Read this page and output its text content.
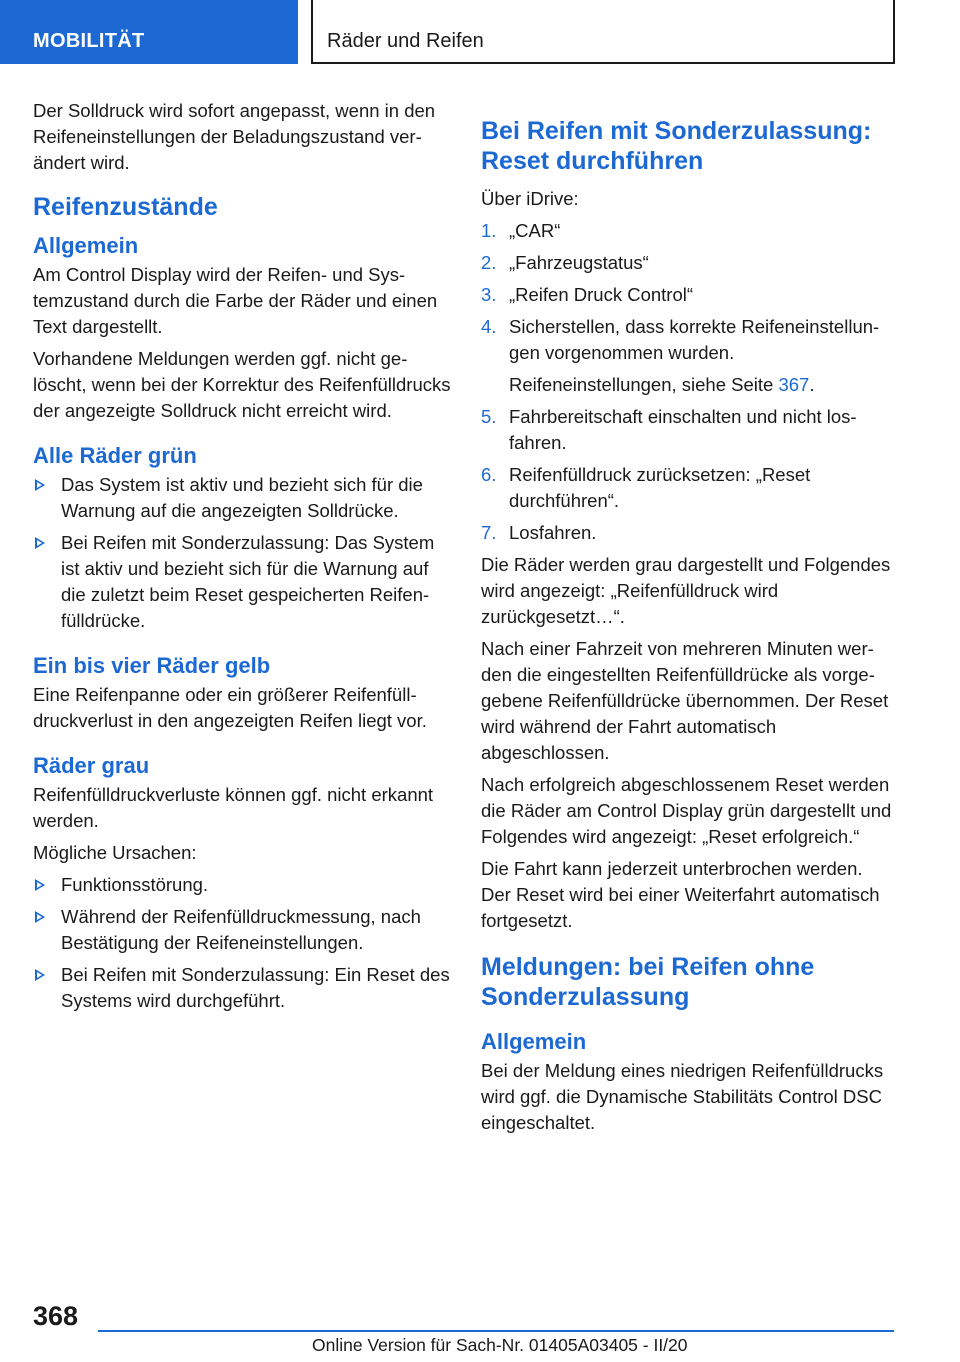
MOBILITÄT	Räder und Reifen

Der Solldruck wird sofort angepasst, wenn in den Reifeneinstellungen der Beladungszustand verändert wird.

Reifenzustände
Allgemein

Am Control Display wird der Reifen- und Systemzustand durch die Farbe der Räder und einen Text dargestellt.

Vorhandene Meldungen werden ggf. nicht gelöscht, wenn bei der Korrektur des Reifenfülldrucks der angezeigte Solldruck nicht erreicht wird.

Alle Räder grün
Das System ist aktiv und bezieht sich für die Warnung auf die angezeigten Solldrücke.
Bei Reifen mit Sonderzulassung: Das System ist aktiv und bezieht sich für die Warnung auf die zuletzt beim Reset gespeicherten Reifenfülldrücke.
Ein bis vier Räder gelb

Eine Reifenpanne oder ein größerer Reifenfülldruckverlust in den angezeigten Reifen liegt vor.

Räder grau

Reifenfülldruckverluste können ggf. nicht erkannt werden.

Mögliche Ursachen:

Funktionsstörung.
Während der Reifenfülldruckmessung, nach Bestätigung der Reifeneinstellungen.
Bei Reifen mit Sonderzulassung: Ein Reset des Systems wird durchgeführt.
Bei Reifen mit Sonderzulassung: Reset durchführen

Über iDrive:

1. „CAR“
2. „Fahrzeugstatus“
3. „Reifen Druck Control“
4. Sicherstellen, dass korrekte Reifeneinstellungen vorgenommen wurden.
Reifeneinstellungen, siehe Seite 367.
5. Fahrbereitschaft einschalten und nicht losfahren.
6. Reifenfülldruck zurücksetzen: „Reset durchführen“.
7. Losfahren.

Die Räder werden grau dargestellt und Folgendes wird angezeigt: „Reifenfülldruck wird zurückgesetzt…“.

Nach einer Fahrzeit von mehreren Minuten werden die eingestellten Reifenfülldrücke als vorgegebene Reifenfülldrücke übernommen. Der Reset wird während der Fahrt automatisch abgeschlossen.

Nach erfolgreich abgeschlossenem Reset werden die Räder am Control Display grün dargestellt und Folgendes wird angezeigt: „Reset erfolgreich.“

Die Fahrt kann jederzeit unterbrochen werden. Der Reset wird bei einer Weiterfahrt automatisch fortgesetzt.

Meldungen: bei Reifen ohne Sonderzulassung
Allgemein

Bei der Meldung eines niedrigen Reifenfülldrucks wird ggf. die Dynamische Stabilitäts Control DSC eingeschaltet.

368
Online Version für Sach-Nr. 01405A03405 - II/20
